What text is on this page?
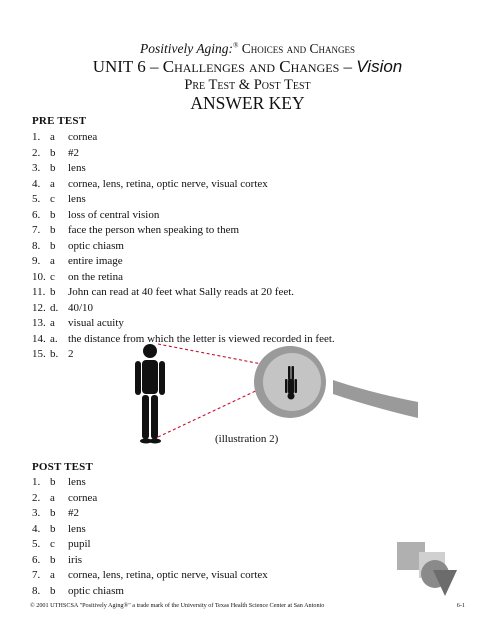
Positively Aging:® Choices and Changes
UNIT 6 – Challenges and Changes – Vision
Pre Test & Post Test
ANSWER KEY
PRE TEST
1. a cornea
2. b #2
3. b lens
4. a cornea, lens, retina, optic nerve, visual cortex
5. c lens
6. b loss of central vision
7. b face the person when speaking to them
8. b optic chiasm
9. a entire image
10. c on the retina
11. b John can read at 40 feet what Sally reads at 20 feet.
12. d. 40/10
13. a visual acuity
14. a. the distance from which the letter is viewed recorded in feet.
15. b. 2
(illustration 2)
POST TEST
1. b lens
2. a cornea
3. b #2
4. b lens
5. c pupil
6. b iris
7. a cornea, lens, retina, optic nerve, visual cortex
8. b optic chiasm
© 2001 UTHSCSA "Positively Aging®" a trade mark of the University of Texas Health Science Center at San Antonio	6-1
